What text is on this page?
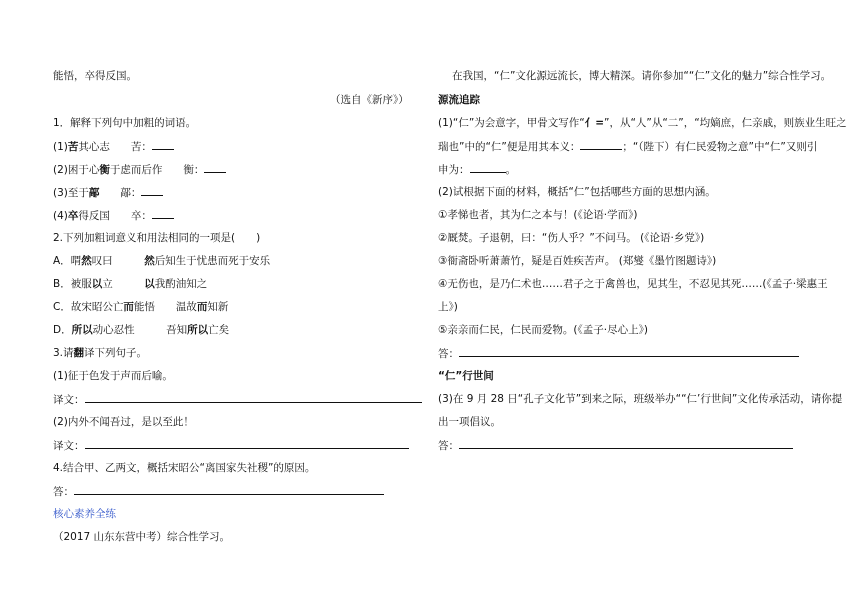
能悟，卒得反国。
（选自《新序》）
1．解释下列句中加粗的词语。
(1)苦其心志　　苦：
(2)困于心衡于虑而后作　　衡：
(3)至于鄗　　鄗：
(4)卒得反国　　卒：
2.下列加粗词意义和用法相同的一项是(　　)
A．喟然叹曰　　　然后知生于忧患而死于安乐
B．被服以立　　　以我酌油知之
C．故宋昭公亡而能悟　　温故而知新
D．所以动心忍性　　　吾知所以亡矣
3.请翻译下列句子。
(1)征于色发于声而后喻。
译文：
(2)内外不闻吾过，是以至此！
译文：
4.结合甲、乙两文，概括宋昭公“离国家失社稷”的原因。
答：
核心素养全练
（2017 山东东营中考）综合性学习。
在我国，“仁”文化源远流长，博大精深。请你参加““仁”文化的魅力”综合性学习。
源流追踪
(1)“仁”为会意字，甲骨文写作“⺅=”，从“人”从“二”，“均嫡庶，仁亲戚，则族业生旺之
瑞也”中的“仁”便是用其本义：	；“（陛下）有仁民爱物之意”中“仁”又则引
申为：	。
(2)试根据下面的材料，概括“仁”包括哪些方面的思想内涵。
①孝悌也者，其为仁之本与！(《论语·学而》)
②厩焚。子退朝，曰：“伤人乎？”不问马。 (《论语·乡党》)
③衙斋卧听萧萧竹，疑是百姓疾苦声。 (郑燮《墨竹图题诗》)
④无伤也，是乃仁术也……君子之于禽兽也，见其生，不忍见其死……(《孟子·梁惠王
上》)
⑤亲亲而仁民，仁民而爱物。(《孟子·尽心上》)
答：
“仁”行世间
(3)在 9 月 28 日“孔子文化节”到来之际，班级举办““仁’行世间”文化传承活动，请你提
出一项倡议。
答：
